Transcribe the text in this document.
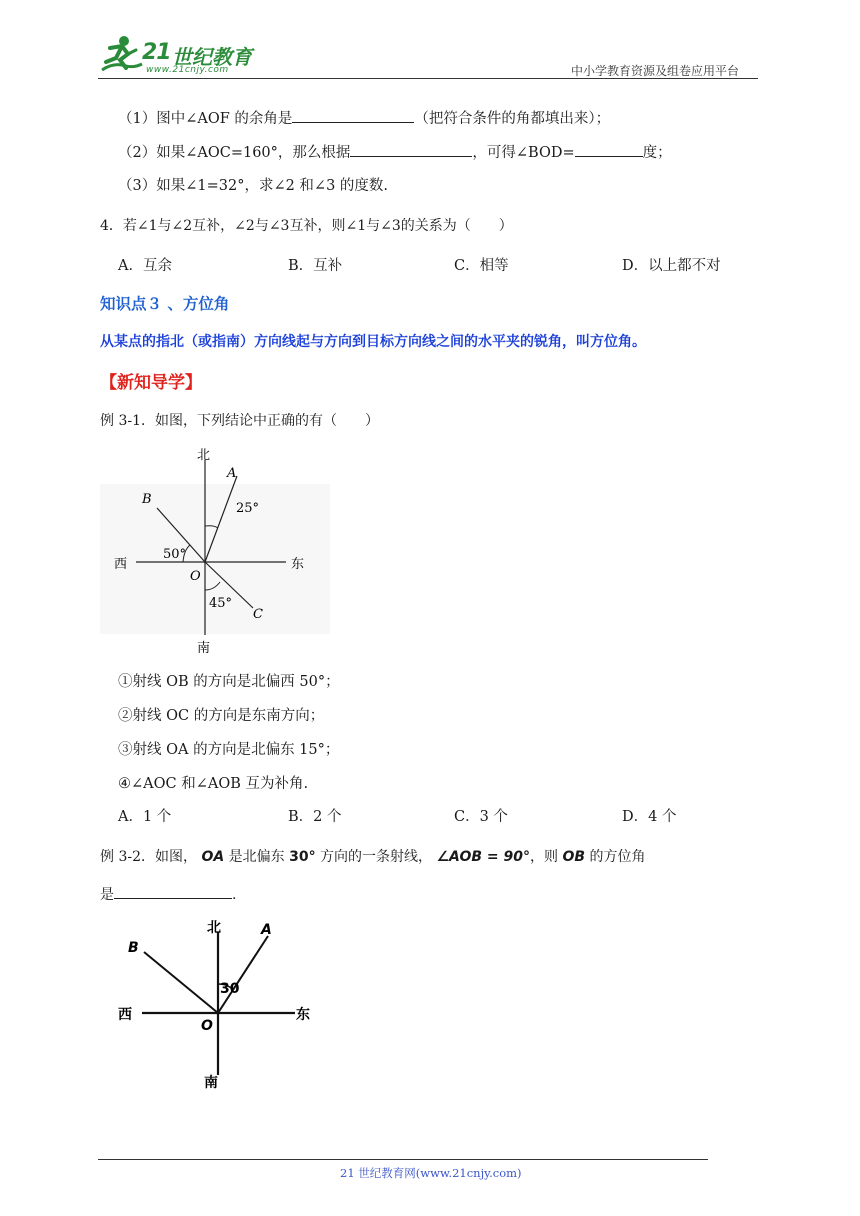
21 世纪教育
www.21cnjy.com	中小学教育资源及组卷应用平台
（1）图中∠AOF 的余角是	（把符合条件的角都填出来）；
（2）如果∠AOC=160°，那么根据	，可得∠BOD=	度；
（3）如果∠1=32°，求∠2 和∠3 的度数.
4．若∠1与∠2互补，∠2与∠3互补，则∠1与∠3的关系为（　　）
A．互余	B．互补	C．相等	D．以上都不对
知识点３ 、方位角
从某点的指北（或指南）方向线起与方向到目标方向线之间的水平夹的锐角，叫方位角。
【新知导学】
例 3-1．如图，下列结论中正确的有（　　）
北
南
西	东
A
B
C
O
25°
50°
45°
①射线 OB 的方向是北偏西 50°；
②射线 OC 的方向是东南方向；
③射线 OA 的方向是北偏东 15°；
④∠AOC 和∠AOB 互为补角.
A．1 个	B．2 个	C．3 个	D．4 个
例 3-2．如图， OA 是北偏东 30° 方向的一条射线， ∠AOB = 90°，则 OB 的方位角
是	.
北
南
西	东
A
B
O
30
21 世纪教育网(www.21cnjy.com)
